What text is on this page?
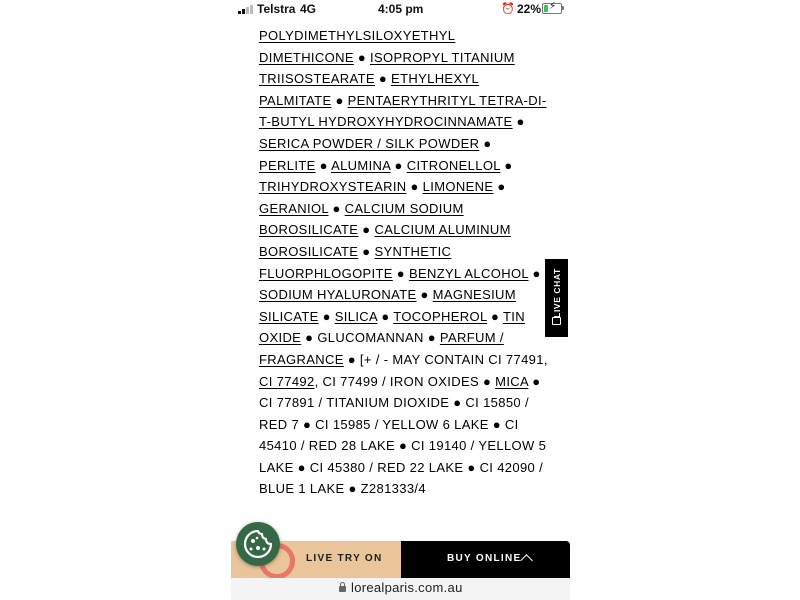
Telstra 4G	4:05 pm	⏰ 22% ⚡
POLYDIMETHYLSILOXYETHYL DIMETHICONE ● ISOPROPYL TITANIUM TRIISOSTEARATE ● ETHYLHEXYL PALMITATE ● PENTAERYTHRITYL TETRA-DI-T-BUTYL HYDROXYHYDROCINNAMATE ● SERICA POWDER / SILK POWDER ● PERLITE ● ALUMINA ● CITRONELLOL ● TRIHYDROXYSTEARIN ● LIMONENE ● GERANIOL ● CALCIUM SODIUM BOROSILICATE ● CALCIUM ALUMINUM BOROSILICATE ● SYNTHETIC FLUORPHLOGOPITE ● BENZYL ALCOHOL ● SODIUM HYALURONATE ● MAGNESIUM SILICATE ● SILICA ● TOCOPHEROL ● TIN OXIDE ● GLUCOMANNAN ● PARFUM / FRAGRANCE ● [+ / - MAY CONTAIN CI 77491, CI 77492, CI 77499 / IRON OXIDES ● MICA ● CI 77891 / TITANIUM DIOXIDE ● CI 15850 / RED 7 ● CI 15985 / YELLOW 6 LAKE ● CI 45410 / RED 28 LAKE ● CI 19140 / YELLOW 5 LAKE ● CI 45380 / RED 22 LAKE ● CI 42090 / BLUE 1 LAKE ● Z281333/4
LIVE CHAT
LIVE TRY ON	BUY ONLINE
lorealparis.com.au
